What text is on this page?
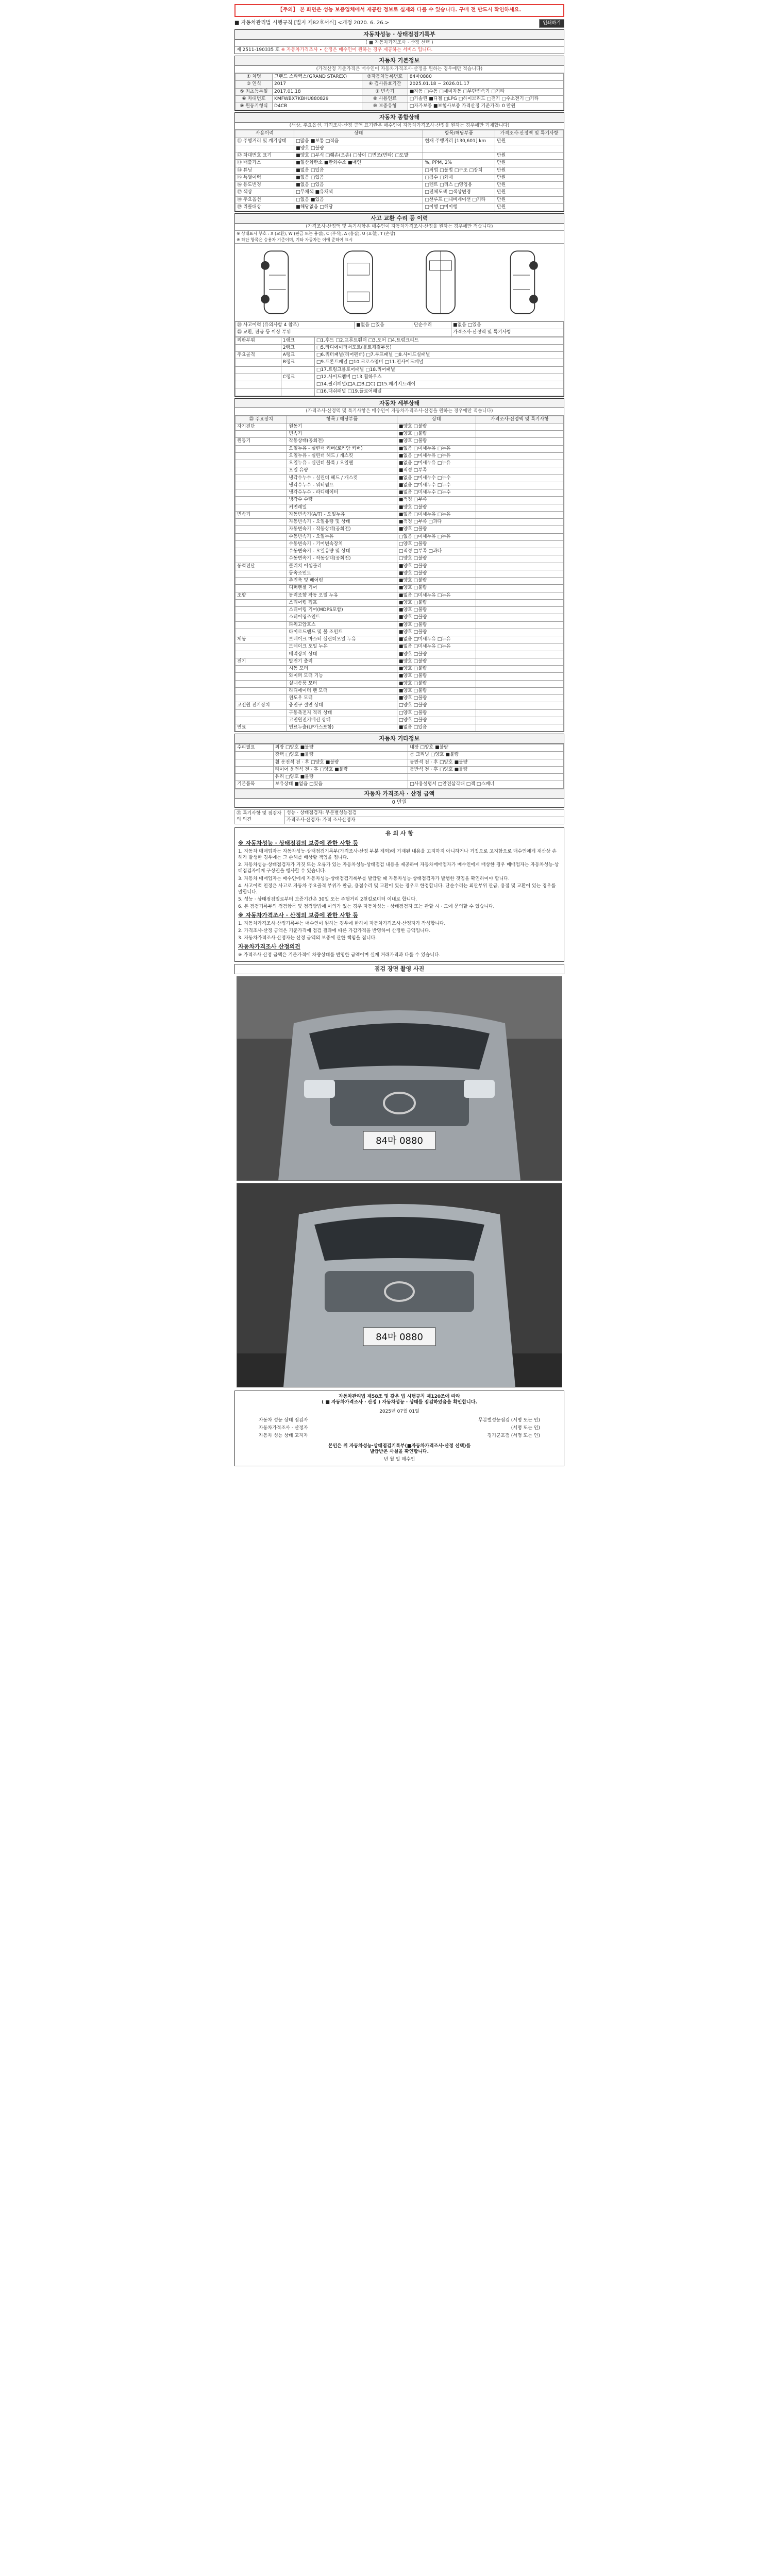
【주의】 본 화면은 성능 보증업체에서 제공한 정보로 실제와 다를 수 있습니다. 구매 전 반드시 확인하세요.
■ 자동차관리법 시행규칙 [별지 제82호서식] <개정 2020. 6. 26.>	인쇄하기
자동차성능 · 상태점검기록부
( ■ 자동차가격조사 · 산정 선택 )
제 2511-190335 호 ※ 자동차가격조사 ∙ 산정은 매수인이 원하는 경우 제공하는 서비스 입니다.
자동차 기본정보
(가격산정 기준가격은 매수인이 자동차가격조사·산정을 원하는 경우에만 적습니다)
① 차명	그랜드 스타렉스(GRAND STAREX)	②자동차등록번호	84마0880
③ 연식	2017	④ 검사유효기간	2025.01.18 ~ 2026.01.17
⑤ 최초등록일	2017.01.18	⑦ 변속기	■자동 □수동 □세미자동 □무단변속기 □기타
⑥ 차대번호	KMFWBX7KBHU880829	⑧ 사용연료	□가솔린 ■디젤 □LPG □하이브리드 □전기 □수소전기 □기타
⑨ 원동기형식	D4CB	⑩ 보증유형	□자가보증 ■보험사보증 가격산정 기준가격: 0 만원
자동차 종합상태
(색상, 주요옵션, 가격조사·산정 금액 표기란은 매수인이 자동차가격조사·산정을 원하는 경우에만 기재합니다)
사용이력	상태	항목/해당부품	가격조사·산정액 및 특기사항
⑪ 주행거리 및 계기상태	□많음 ■보통 □적음	현재 주행거리 [130,601] km	만원
	■양호 □불량		
⑫ 차대번호 표기	■양호 □부식 □훼손(오손) □상이 □변조(변타) □도말		만원
⑬ 배출가스	■일산화탄소 ■탄화수소 ■매연	%, PPM, 2%	만원
⑭ 튜닝	■없음 □있음	□적법 □불법 □구조 □장치	만원
⑮ 특별이력	■없음 □있음	□침수 □화재	만원
⑯ 용도변경	■없음 □있음	□렌트 □리스 □영업용	만원
⑰ 색상	□무채색 ■유채색	□전체도색 □색상변경	만원
⑱ 주요옵션	□없음 ■있음	□선루프 □내비게이션 □기타	만원
⑲ 리콜대상	■해당없음 □해당	□이행 □미이행	만원
사고 교환 수리 등 이력
(가격조사·산정액 및 특기사항은 매수인이 자동차가격조사·산정을 원하는 경우에만 적습니다)
※ 상태표시 부호 : X (교환), W (판금 또는 용접), C (부식), A (흠집), U (요철), T (손상)
※ 하단 항목은 승용차 기준이며, 기타 자동차는 이에 준하여 표시
⑳ 사고이력 (유의사항 4 참조)	■없음 □있음	단순수리	■없음 □있음
㉑ 교환, 판금 등 이상 부위			가격조사·산정액 및 특기사항
외판부위	1랭크	□1.후드 □2.프론트휀더 □3.도어 □4.트렁크리드
	2랭크	□5.라디에이터서포트(볼트체결부품)
주요골격	A랭크	□6.쿼터패널(리어펜더) □7.루프패널 □8.사이드실패널
	B랭크	□9.프론트패널 □10.크로스멤버 □11.인사이드패널
		□17.트렁크플로어패널 □18.리어패널
	C랭크	□12.사이드멤버 □13.휠하우스
		□14.필러패널(□A,□B,□C) □15.패키지트레이
		□16.대쉬패널 □19.플로어패널
자동차 세부상태
(가격조사·산정액 및 특기사항은 매수인이 자동차가격조사·산정을 원하는 경우에만 적습니다)
㉒ 주요장치	항목 / 해당부품	상태	가격조사·산정액 및 특기사항
자기진단	원동기	■양호 □불량	
	변속기	■양호 □불량	
원동기	작동상태(공회전)	■양호 □불량	
	오일누유 - 실린더 커버(로커암 커버)	■없음 □미세누유 □누유	
	오일누유 - 실린더 헤드 / 개스킷	■없음 □미세누유 □누유	
	오일누유 - 실린더 블록 / 오일팬	■없음 □미세누유 □누유	
	오일 유량	■적정 □부족	
	냉각수누수 - 실린더 헤드 / 개스킷	■없음 □미세누수 □누수	
	냉각수누수 - 워터펌프	■없음 □미세누수 □누수	
	냉각수누수 - 라디에이터	■없음 □미세누수 □누수	
	냉각수 수량	■적정 □부족	
	커먼레일	■양호 □불량	
변속기	자동변속기(A/T) - 오일누유	■없음 □미세누유 □누유	
	자동변속기 - 오일유량 및 상태	■적정 □부족 □과다	
	자동변속기 - 작동상태(공회전)	■양호 □불량	
	수동변속기 - 오일누유	□없음 □미세누유 □누유	
	수동변속기 - 기어변속장치	□양호 □불량	
	수동변속기 - 오일유량 및 상태	□적정 □부족 □과다	
	수동변속기 - 작동상태(공회전)	□양호 □불량	
동력전달	클러치 어셈블리	■양호 □불량	
	등속조인트	■양호 □불량	
	추진축 및 베어링	■양호 □불량	
	디퍼렌셜 기어	■양호 □불량	
조향	동력조향 작동 오일 누유	■없음 □미세누유 □누유	
	스티어링 펌프	■양호 □불량	
	스티어링 기어(MDPS포함)	■양호 □불량	
	스티어링조인트	■양호 □불량	
	파워고압호스	■양호 □불량	
	타이로드엔드 및 볼 조인트	■양호 □불량	
제동	브레이크 마스터 실린더오일 누유	■없음 □미세누유 □누유	
	브레이크 오일 누유	■없음 □미세누유 □누유	
	배력장치 상태	■양호 □불량	
전기	발전기 출력	■양호 □불량	
	시동 모터	■양호 □불량	
	와이퍼 모터 기능	■양호 □불량	
	실내송풍 모터	■양호 □불량	
	라디에이터 팬 모터	■양호 □불량	
	윈도우 모터	■양호 □불량	
고전원 전기장치	충전구 절연 상태	□양호 □불량	
	구동축전지 격리 상태	□양호 □불량	
	고전원전기배선 상태	□양호 □불량	
연료	연료누출(LP가스포함)	■없음 □있음	
자동차 기타정보
수리필요	외장 □양호 ■불량	내장 □양호 ■불량
	광택 □양호 ■불량	룸 크리닝 □양호 ■불량
	휠 운전석 전 · 후 □양호 ■불량	동반석 전 · 후 □양호 ■불량
	타이어 운전석 전 · 후 □양호 ■불량	동반석 전 · 후 □양호 ■불량
	유리 □양호 ■불량	
기본품목	보유상태 ■없음 □있음	□사용설명서 □안전삼각대 □잭 □스패너
자동차 가격조사 · 산정 금액
0 만원
㉓ 특기사항 및 점검자의 의견	성능 · 상태점검자: 무분별성능점검
가격조사·산정자: 가격 조사산정자
유 의 사 항
※ 자동차성능 · 상태점검의 보증에 관한 사항 등

1. 자동차 매매업자는 자동차성능·상태점검기록부(가격조사·산정 부분 제외)에 기재된 내용을 고지하지 아니하거나 거짓으로 고지함으로 매수인에게 재산상 손해가 발생한 경우에는 그 손해를 배상할 책임을 집니다.

2. 자동차성능·상태점검자가 거짓 또는 오류가 있는 자동차성능·상태점검 내용을 제공하여 자동차매매업자가 매수인에게 배상한 경우 매매업자는 자동차성능·상태점검자에게 구상권을 행사할 수 있습니다.

3. 자동차 매매업자는 매수인에게 자동차성능·상태점검기록부를 발급할 때 자동차성능·상태점검자가 발행한 것임을 확인하여야 합니다.

4. 사고이력 인정은 사고로 자동차 주요골격 부위가 판금, 용접수리 및 교환이 있는 경우로 한정합니다. 단순수리는 외판부위 판금, 용접 및 교환이 있는 경우를 말합니다.

5. 성능 · 상태점검일로부터 보증기간은 30일 또는 주행거리 2천킬로미터 이내로 합니다.

6. 본 점검기록부의 점검항목 및 점검방법에 이의가 있는 경우 자동차성능 · 상태점검자 또는 관할 시 · 도에 문의할 수 있습니다.

※ 자동차가격조사 · 산정의 보증에 관한 사항 등

1. 자동차가격조사·산정기록부는 매수인이 원하는 경우에 한하여 자동차가격조사·산정자가 작성합니다.

2. 가격조사·산정 금액은 기준가격에 점검 결과에 따른 가감가격을 반영하여 산정한 금액입니다.

3. 자동차가격조사·산정자는 산정 금액의 보증에 관한 책임을 집니다.

자동차가격조사 산정의견

※ 가격조사·산정 금액은 기준가격에 차량상태를 반영한 금액이며 실제 거래가격과 다를 수 있습니다.

점검 장면 촬영 사진
84마 0880
84마 0880
자동차관리법 제58조 및 같은 법 시행규칙 제120조에 따라
( ■ 자동차가격조사 · 산정 ) 자동차성능 · 상태를 점검하였음을 확인합니다.
2025년 07월 01일
자동차 성능 상태 점검자	무분별성능점검 (서명 또는 인)
자동차가격조사 · 산정자	(서명 또는 인)
자동차 성능 상태 고지자	경기군포점 (서명 또는 인)
본인은 위 자동차성능·상태점검기록부(■자동차가격조사·산정 선택)를
발급받은 사실을 확인합니다.
년 월 일 매수인
